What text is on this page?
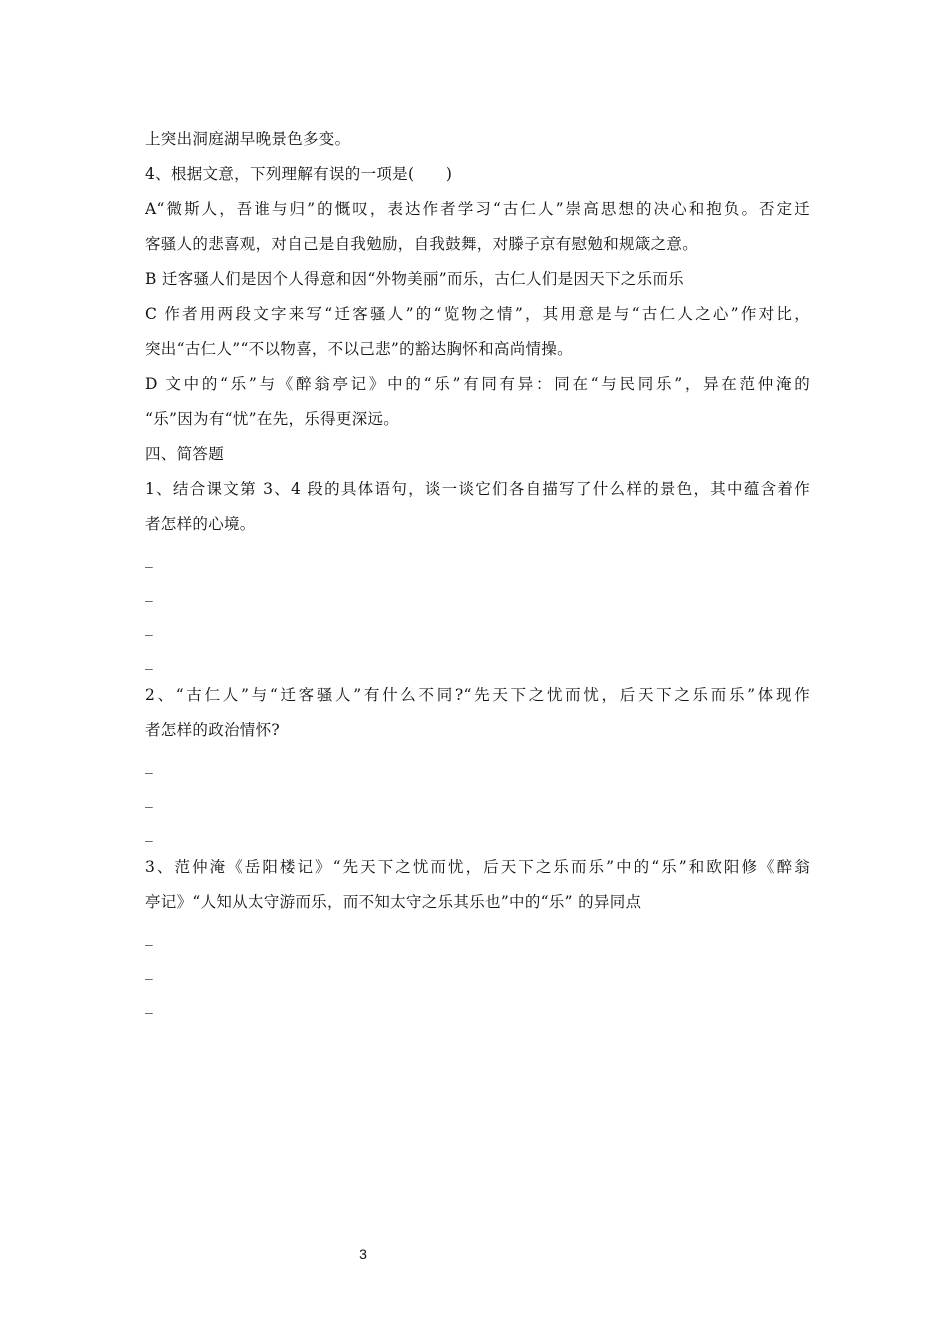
上突出洞庭湖早晚景色多变。
4、根据文意，下列理解有误的一项是(　　)
A“微斯人，吾谁与归”的慨叹，表达作者学习“古仁人”崇高思想的决心和抱负。否定迁
客骚人的悲喜观，对自己是自我勉励，自我鼓舞，对滕子京有慰勉和规箴之意。
B 迁客骚人们是因个人得意和因“外物美丽”而乐，古仁人们是因天下之乐而乐
C 作者用两段文字来写“迁客骚人”的“览物之情”，其用意是与“古仁人之心”作对比，
突出“古仁人”“不以物喜，不以己悲”的豁达胸怀和高尚情操。
D 文中的“乐”与《醉翁亭记》中的“乐”有同有异：同在“与民同乐”，异在范仲淹的
“乐”因为有“忧”在先，乐得更深远。
四、简答题
1、结合课文第 3、4 段的具体语句，谈一谈它们各自描写了什么样的景色，其中蕴含着作
者怎样的心境。
_
_
_
_
2、“古仁人”与“迁客骚人”有什么不同?“先天下之忧而忧，后天下之乐而乐”体现作
者怎样的政治情怀?
_
_
_
3、范仲淹《岳阳楼记》“先天下之忧而忧，后天下之乐而乐”中的“乐”和欧阳修《醉翁
亭记》“人知从太守游而乐，而不知太守之乐其乐也”中的“乐” 的异同点
_
_
_
3
